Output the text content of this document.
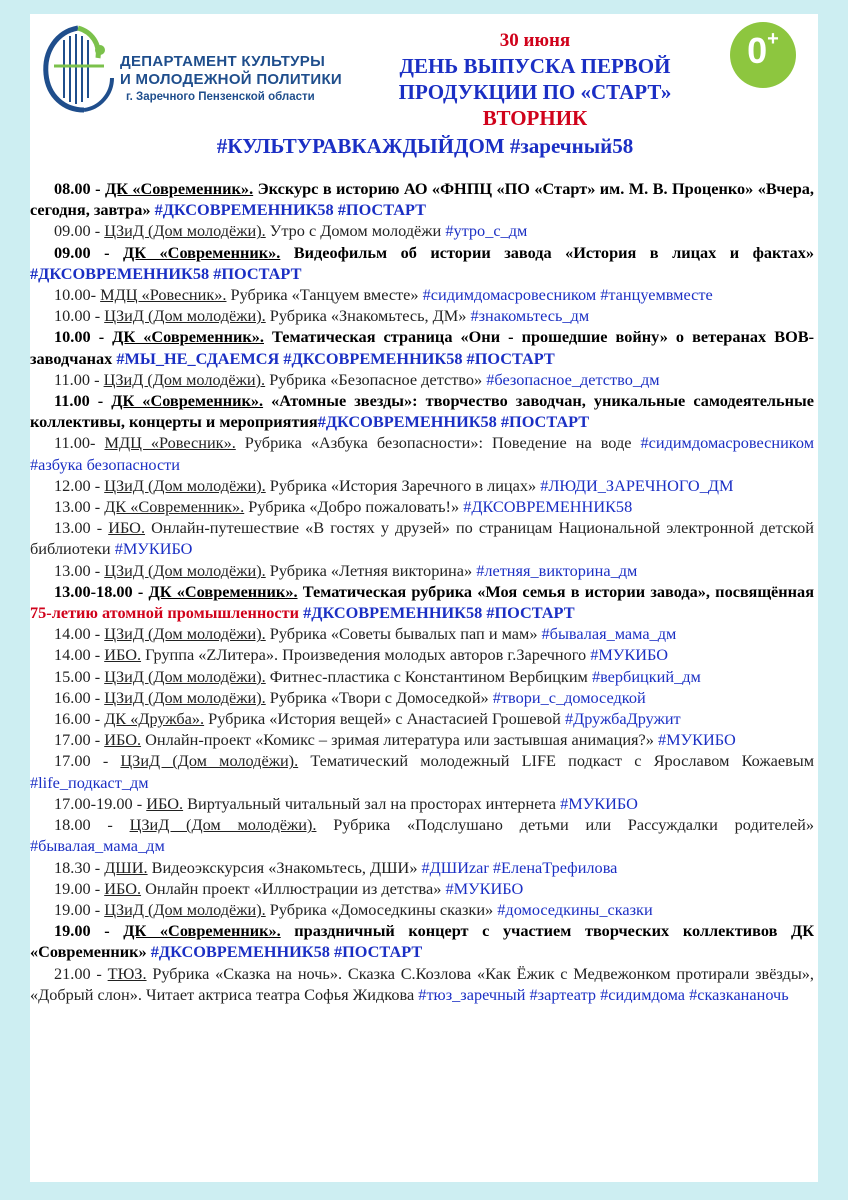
ДЕПАРТАМЕНТ КУЛЬТУРЫ
И МОЛОДЕЖНОЙ ПОЛИТИКИ
г. Заречного Пензенской области
30 июня
ДЕНЬ ВЫПУСКА ПЕРВОЙ
ПРОДУКЦИИ ПО «СТАРТ»
ВТОРНИК
#КУЛЬТУРАВКАЖДЫЙДОМ #заречный58
0+

08.00 - ДК «Современник». Экскурс в историю АО «ФНПЦ «ПО «Старт» им. М. В. Проценко» «Вчера, сегодня, завтра» #ДКСОВРЕМЕННИК58 #ПОСТАРТ

09.00 - ЦЗиД (Дом молодёжи). Утро с Домом молодёжи #утро_с_дм

09.00 - ДК «Современник». Видеофильм об истории завода «История в лицах и фактах» #ДКСОВРЕМЕННИК58 #ПОСТАРТ

10.00- МДЦ «Ровесник». Рубрика «Танцуем вместе» #сидимдомасровесником #танцуемвместе

10.00 - ЦЗиД (Дом молодёжи). Рубрика «Знакомьтесь, ДМ» #знакомьтесь_дм

10.00 - ДК «Современник». Тематическая страница «Они - прошедшие войну» о ветеранах ВОВ-заводчанах #МЫ_НЕ_СДАЕМСЯ #ДКСОВРЕМЕННИК58 #ПОСТАРТ

11.00 - ЦЗиД (Дом молодёжи). Рубрика «Безопасное детство» #безопасное_детство_дм

11.00 - ДК «Современник». «Атомные звезды»: творчество заводчан, уникальные самодеятельные коллективы, концерты и мероприятия#ДКСОВРЕМЕННИК58 #ПОСТАРТ

11.00- МДЦ «Ровесник». Рубрика «Азбука безопасности»: Поведение на воде #сидимдомасровесником #азбука безопасности

12.00 - ЦЗиД (Дом молодёжи). Рубрика «История Заречного в лицах» #ЛЮДИ_ЗАРЕЧНОГО_ДМ

13.00 - ДК «Современник». Рубрика «Добро пожаловать!» #ДКСОВРЕМЕННИК58

13.00 - ИБО. Онлайн-путешествие «В гостях у друзей» по страницам Национальной электронной детской библиотеки #МУКИБО

13.00 - ЦЗиД (Дом молодёжи). Рубрика «Летняя викторина» #летняя_викторина_дм

13.00-18.00 - ДК «Современник». Тематическая рубрика «Моя семья в истории завода», посвящённая 75-летию атомной промышленности #ДКСОВРЕМЕННИК58 #ПОСТАРТ

14.00 - ЦЗиД (Дом молодёжи). Рубрика «Советы бывалых пап и мам» #бывалая_мама_дм

14.00 - ИБО. Группа «ZЛитера». Произведения молодых авторов г.Заречного #МУКИБО

15.00 - ЦЗиД (Дом молодёжи). Фитнес-пластика с Константином Вербицким #вербицкий_дм

16.00 - ЦЗиД (Дом молодёжи). Рубрика «Твори с Домоседкой» #твори_с_домоседкой

16.00 - ДК «Дружба». Рубрика «История вещей» с Анастасией Грошевой #ДружбаДружит

17.00 - ИБО. Онлайн-проект «Комикс – зримая литература или застывшая анимация?» #МУКИБО

17.00 - ЦЗиД (Дом молодёжи). Тематический молодежный LIFE подкаст с Ярославом Кожаевым #life_подкаст_дм

17.00-19.00 - ИБО. Виртуальный читальный зал на просторах интернета #МУКИБО

18.00 - ЦЗиД (Дом молодёжи). Рубрика «Подслушано детьми или Рассуждалки родителей» #бывалая_мама_дм

18.30 - ДШИ. Видеоэкскурсия «Знакомьтесь, ДШИ» #ДШИzar #ЕленаТрефилова

19.00 - ИБО. Онлайн проект «Иллюстрации из детства» #МУКИБО

19.00 - ЦЗиД (Дом молодёжи). Рубрика «Домоседкины сказки» #домоседкины_сказки

19.00 - ДК «Современник». праздничный концерт с участием творческих коллективов ДК «Современник» #ДКСОВРЕМЕННИК58 #ПОСТАРТ

21.00 - ТЮЗ. Рубрика «Сказка на ночь». Сказка С.Козлова «Как Ёжик с Медвежонком протирали звёзды», «Добрый слон». Читает актриса театра Софья Жидкова #тюз_заречный #зартеатр #сидимдома #сказкананочь
